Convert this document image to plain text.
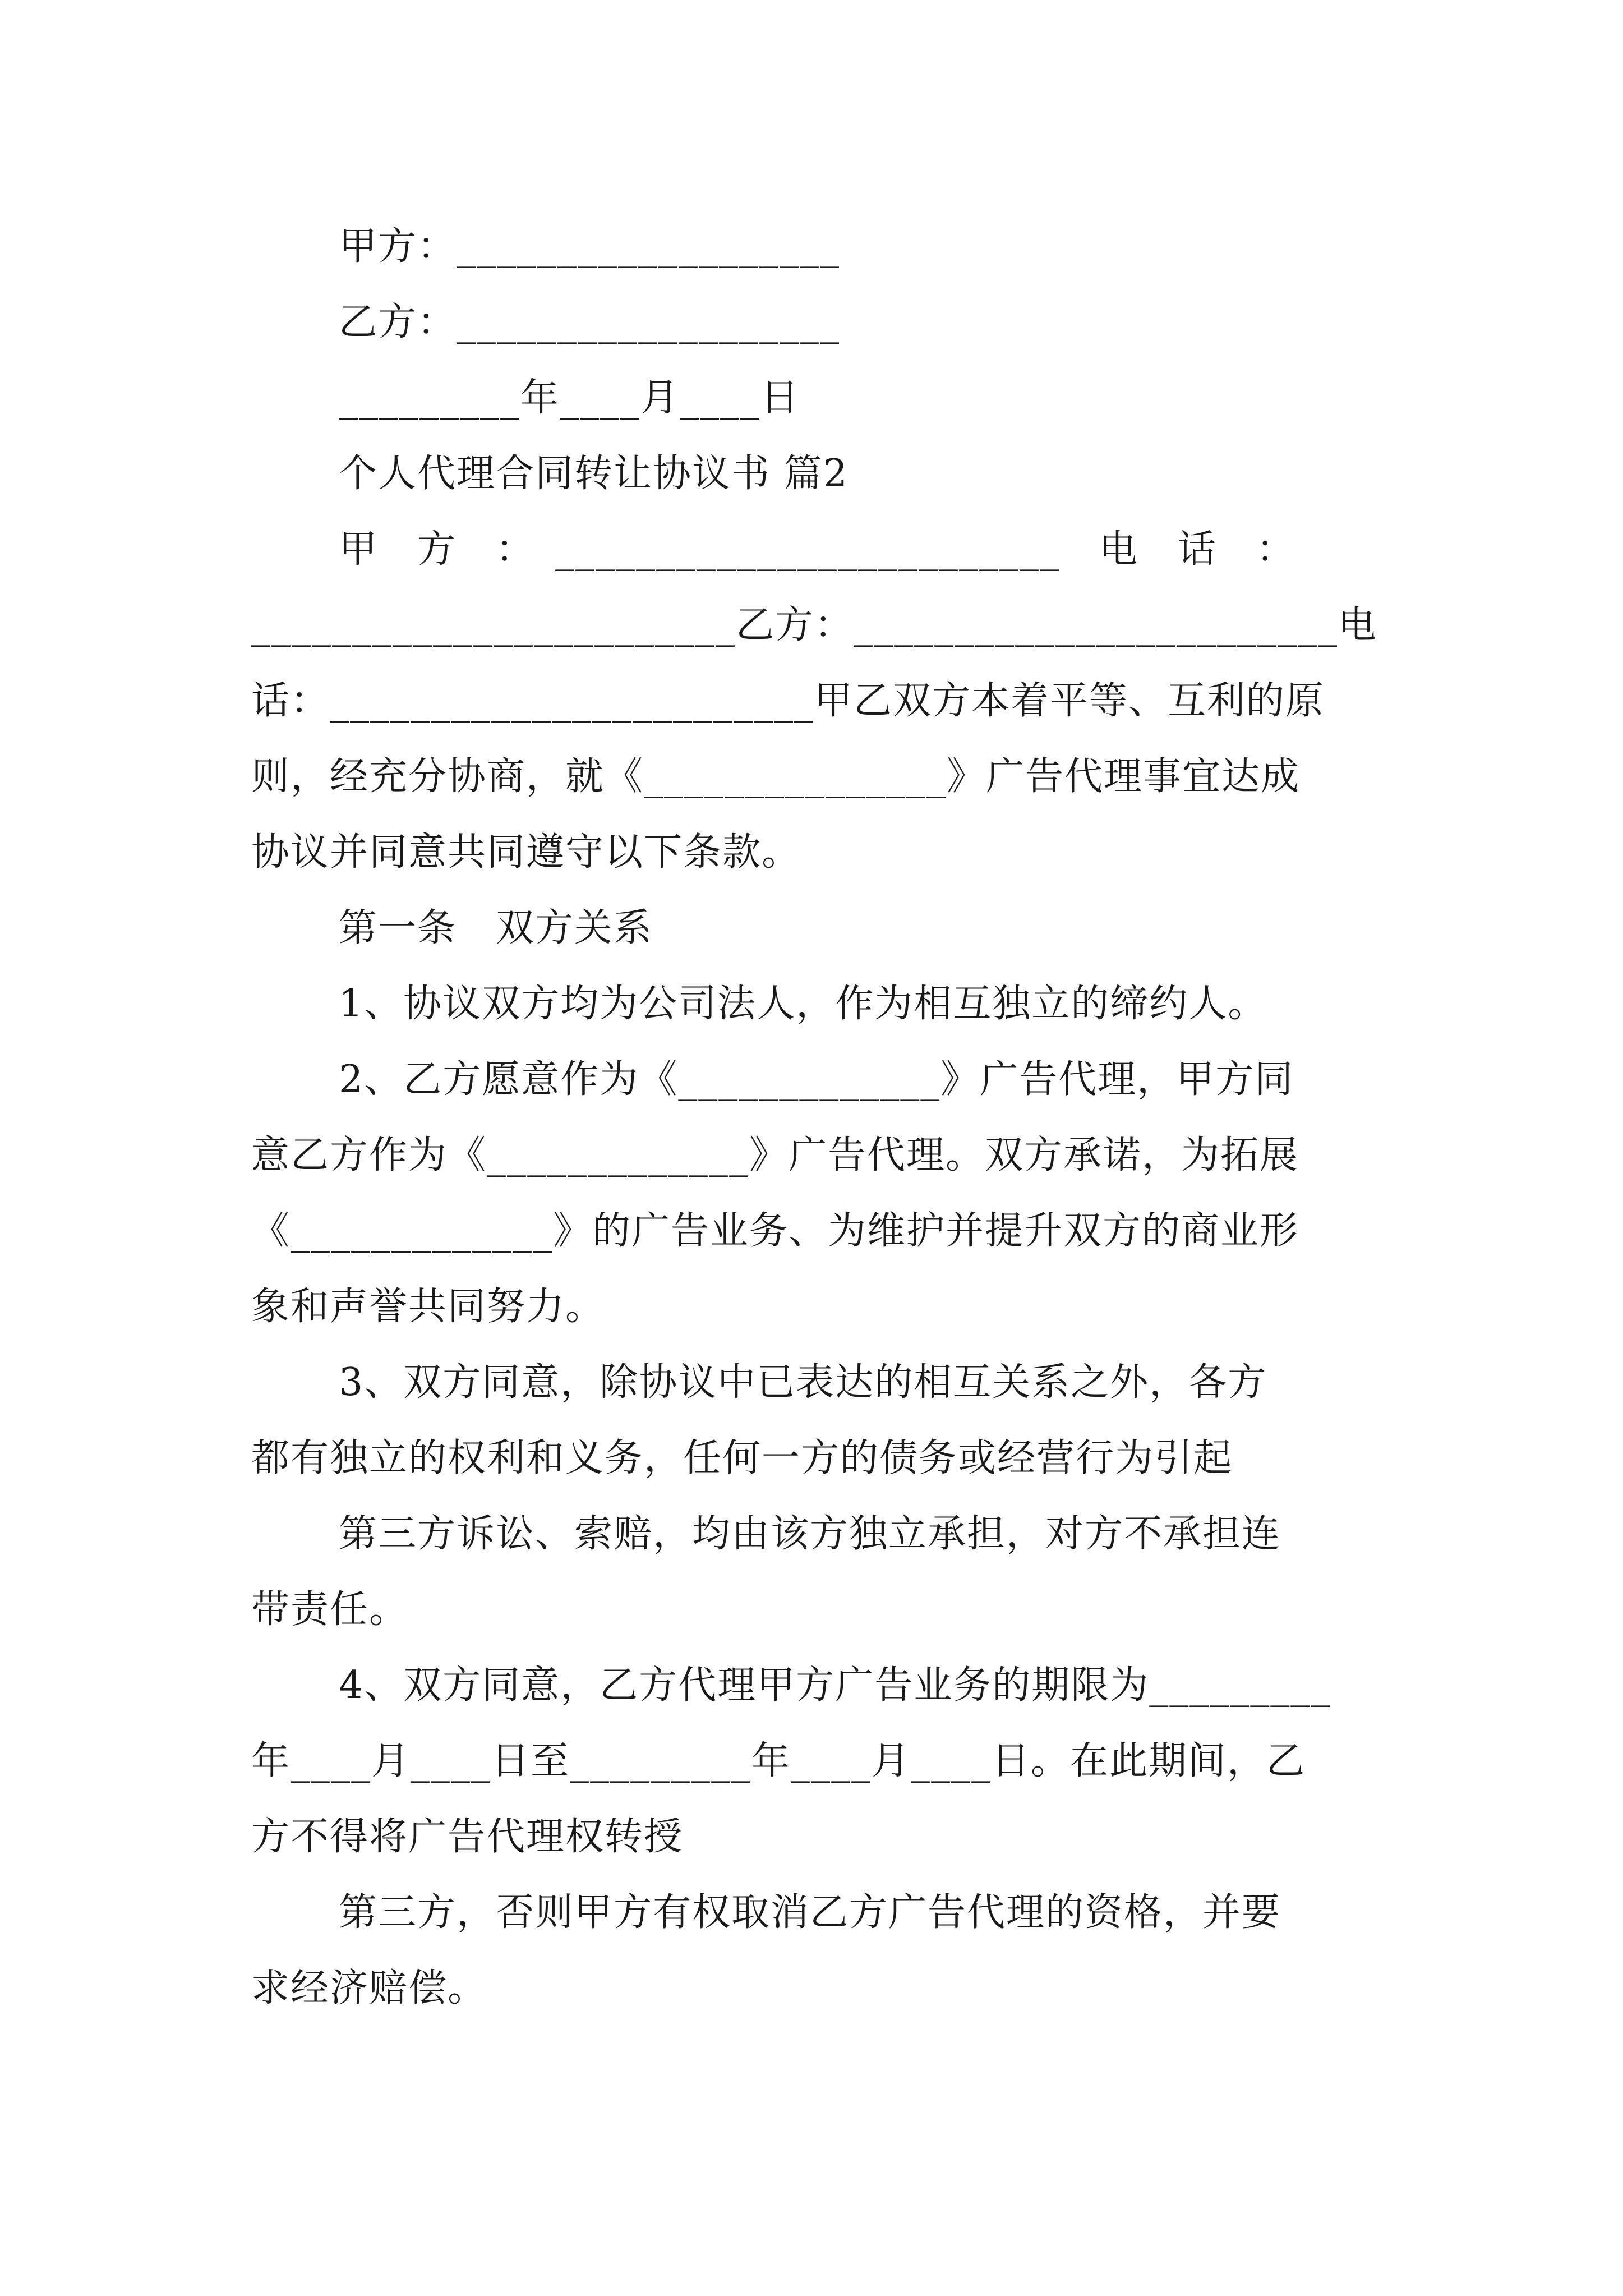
甲方：___________________
乙方：___________________
_________年____月____日
个人代理合同转让协议书 篇2
甲　方　：　_________________________　电　话　：
________________________乙方：________________________电
话：________________________甲乙双方本着平等、互利的原
则，经充分协商，就《_______________》广告代理事宜达成
协议并同意共同遵守以下条款。
第一条　双方关系
1、协议双方均为公司法人，作为相互独立的缔约人。
2、乙方愿意作为《_____________》广告代理，甲方同
意乙方作为《_____________》广告代理。双方承诺，为拓展
《_____________》的广告业务、为维护并提升双方的商业形
象和声誉共同努力。
3、双方同意，除协议中已表达的相互关系之外，各方
都有独立的权利和义务，任何一方的债务或经营行为引起
第三方诉讼、索赔，均由该方独立承担，对方不承担连
带责任。
4、双方同意，乙方代理甲方广告业务的期限为_________
年____月____日至_________年____月____日。在此期间，乙
方不得将广告代理权转授
第三方，否则甲方有权取消乙方广告代理的资格，并要
求经济赔偿。
